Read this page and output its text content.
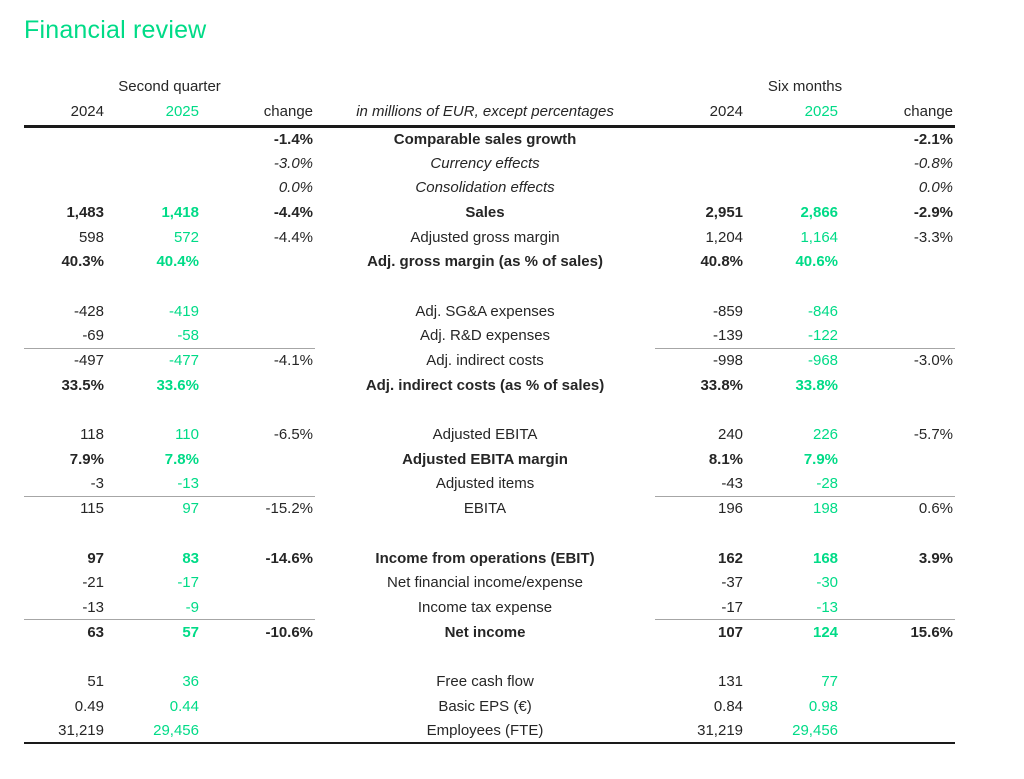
Financial review
Second quarter				Six months		
2024	2025	change	in millions of EUR, except percentages	2024	2025	change
		-1.4%	Comparable sales growth			-2.1%
		-3.0%	Currency effects			-0.8%
		0.0%	Consolidation effects			0.0%
1,483	1,418	-4.4%	Sales	2,951	2,866	-2.9%
598	572	-4.4%	Adjusted gross margin	1,204	1,164	-3.3%
40.3%	40.4%		Adj. gross margin (as % of sales)	40.8%	40.6%	

-428	-419		Adj. SG&A expenses	-859	-846	
-69	-58		Adj. R&D expenses	-139	-122	
-497	-477	-4.1%	Adj. indirect costs	-998	-968	-3.0%
33.5%	33.6%		Adj. indirect costs (as % of sales)	33.8%	33.8%	

118	110	-6.5%	Adjusted EBITA	240	226	-5.7%
7.9%	7.8%		Adjusted EBITA margin	8.1%	7.9%	
-3	-13		Adjusted items	-43	-28	
115	97	-15.2%	EBITA	196	198	0.6%

97	83	-14.6%	Income from operations (EBIT)	162	168	3.9%
-21	-17		Net financial income/expense	-37	-30	
-13	-9		Income tax expense	-17	-13	
63	57	-10.6%	Net income	107	124	15.6%

51	36		Free cash flow	131	77	
0.49	0.44		Basic EPS (€)	0.84	0.98	
31,219	29,456		Employees (FTE)	31,219	29,456	
